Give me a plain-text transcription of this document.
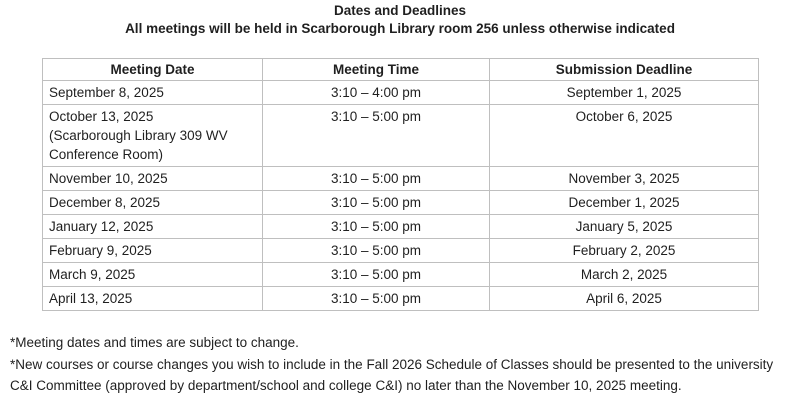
Dates and Deadlines
All meetings will be held in Scarborough Library room 256 unless otherwise indicated
Meeting Date	Meeting Time	Submission Deadline

September 8, 2025	3:10 – 4:00 pm	September 1, 2025

October 13, 2025
(Scarborough Library 309 WV Conference Room)	3:10 – 5:00 pm	October 6, 2025

November 10, 2025	3:10 – 5:00 pm	November 3, 2025

December 8, 2025	3:10 – 5:00 pm	December 1, 2025

January 12, 2025	3:10 – 5:00 pm	January 5, 2025

February 9, 2025	3:10 – 5:00 pm	February 2, 2025

March 9, 2025	3:10 – 5:00 pm	March 2, 2025

April 13, 2025	3:10 – 5:00 pm	April 6, 2025

*Meeting dates and times are subject to change.

*New courses or course changes you wish to include in the Fall 2026 Schedule of Classes should be presented to the university C&I Committee (approved by department/school and college C&I) no later than the November 10, 2025 meeting.
